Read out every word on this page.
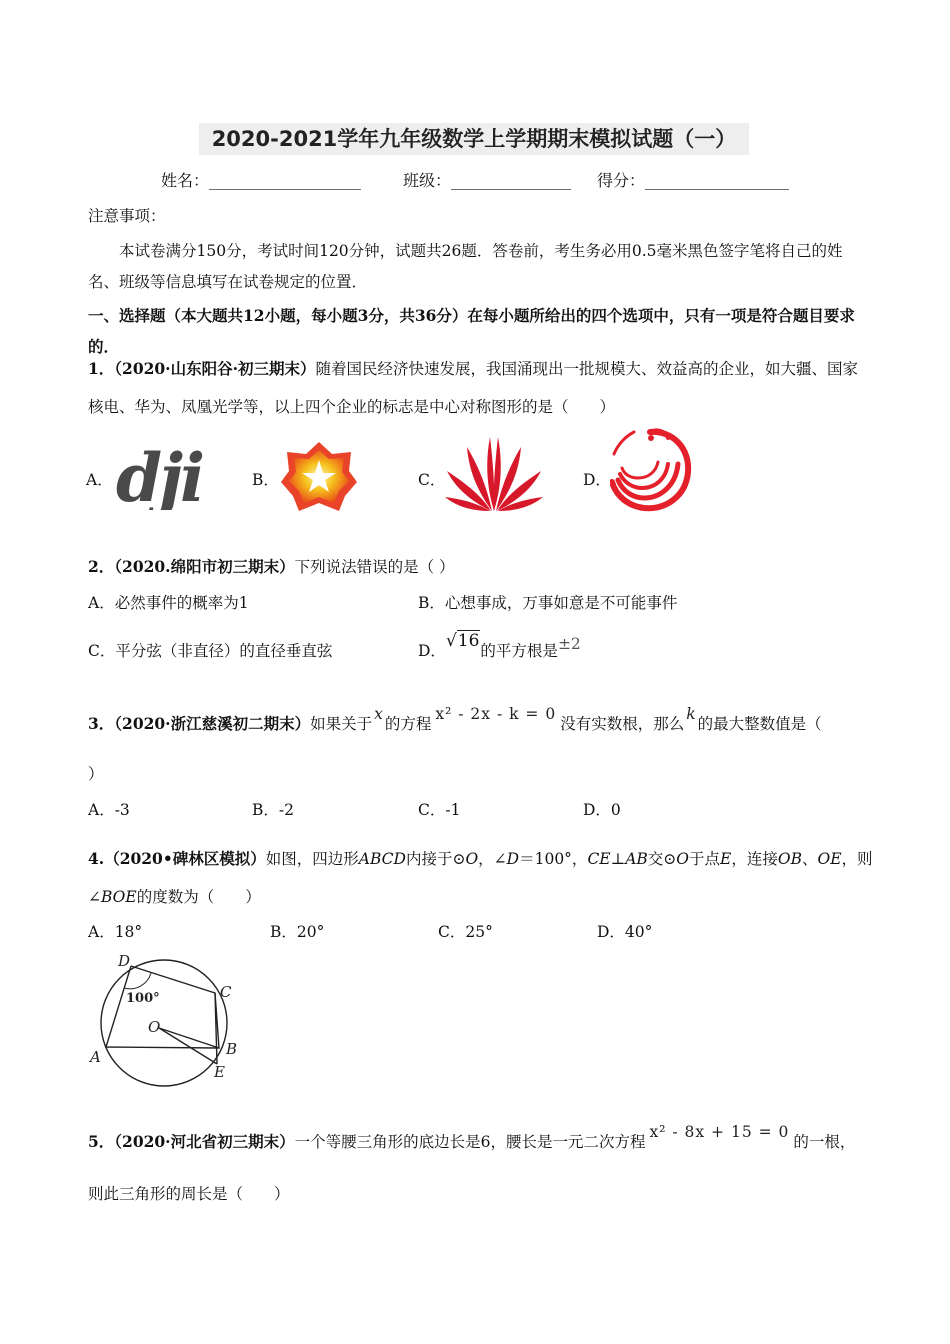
2020-2021学年九年级数学上学期期末模拟试题（一）
姓名：___________________	班级：_______________ 得分：__________________
注意事项：
本试卷满分150分，考试时间120分钟，试题共26题．答卷前，考生务必用0.5毫米黑色签字笔将自己的姓名、班级等信息填写在试卷规定的位置．
一、选择题（本大题共12小题，每小题3分，共36分）在每小题所给出的四个选项中，只有一项是符合题目要求的．
1．（2020·山东阳谷·初三期末）随着国民经济快速发展，我国涌现出一批规模大、效益高的企业，如大疆、国家核电、华为、凤凰光学等，以上四个企业的标志是中心对称图形的是（　　）
A． dji	B．	C．	D．
2．（2020.绵阳市初三期末）下列说法错误的是（ ）
A．必然事件的概率为1	B．心想事成，万事如意是不可能事件
C．平分弦（非直径）的直径垂直弦	D．√16的平方根是±2
3．（2020·浙江慈溪初二期末）如果关于x的方程x² - 2x - k = 0没有实数根，那么k的最大整数值是（
）
A．-3	B．-2	C．-1	D．0
4.（2020•碑林区模拟）如图，四边形ABCD内接于⊙O，∠D＝100°，CE⊥AB交⊙O于点E，连接OB、OE，则∠BOE的度数为（　　）
A．18°	B．20°	C．25°	D．40°
100°
D
C
O
A	B
E
5．（2020·河北省初三期末）一个等腰三角形的底边长是6，腰长是一元二次方程x² - 8x + 15 = 0的一根，
则此三角形的周长是（　　）
